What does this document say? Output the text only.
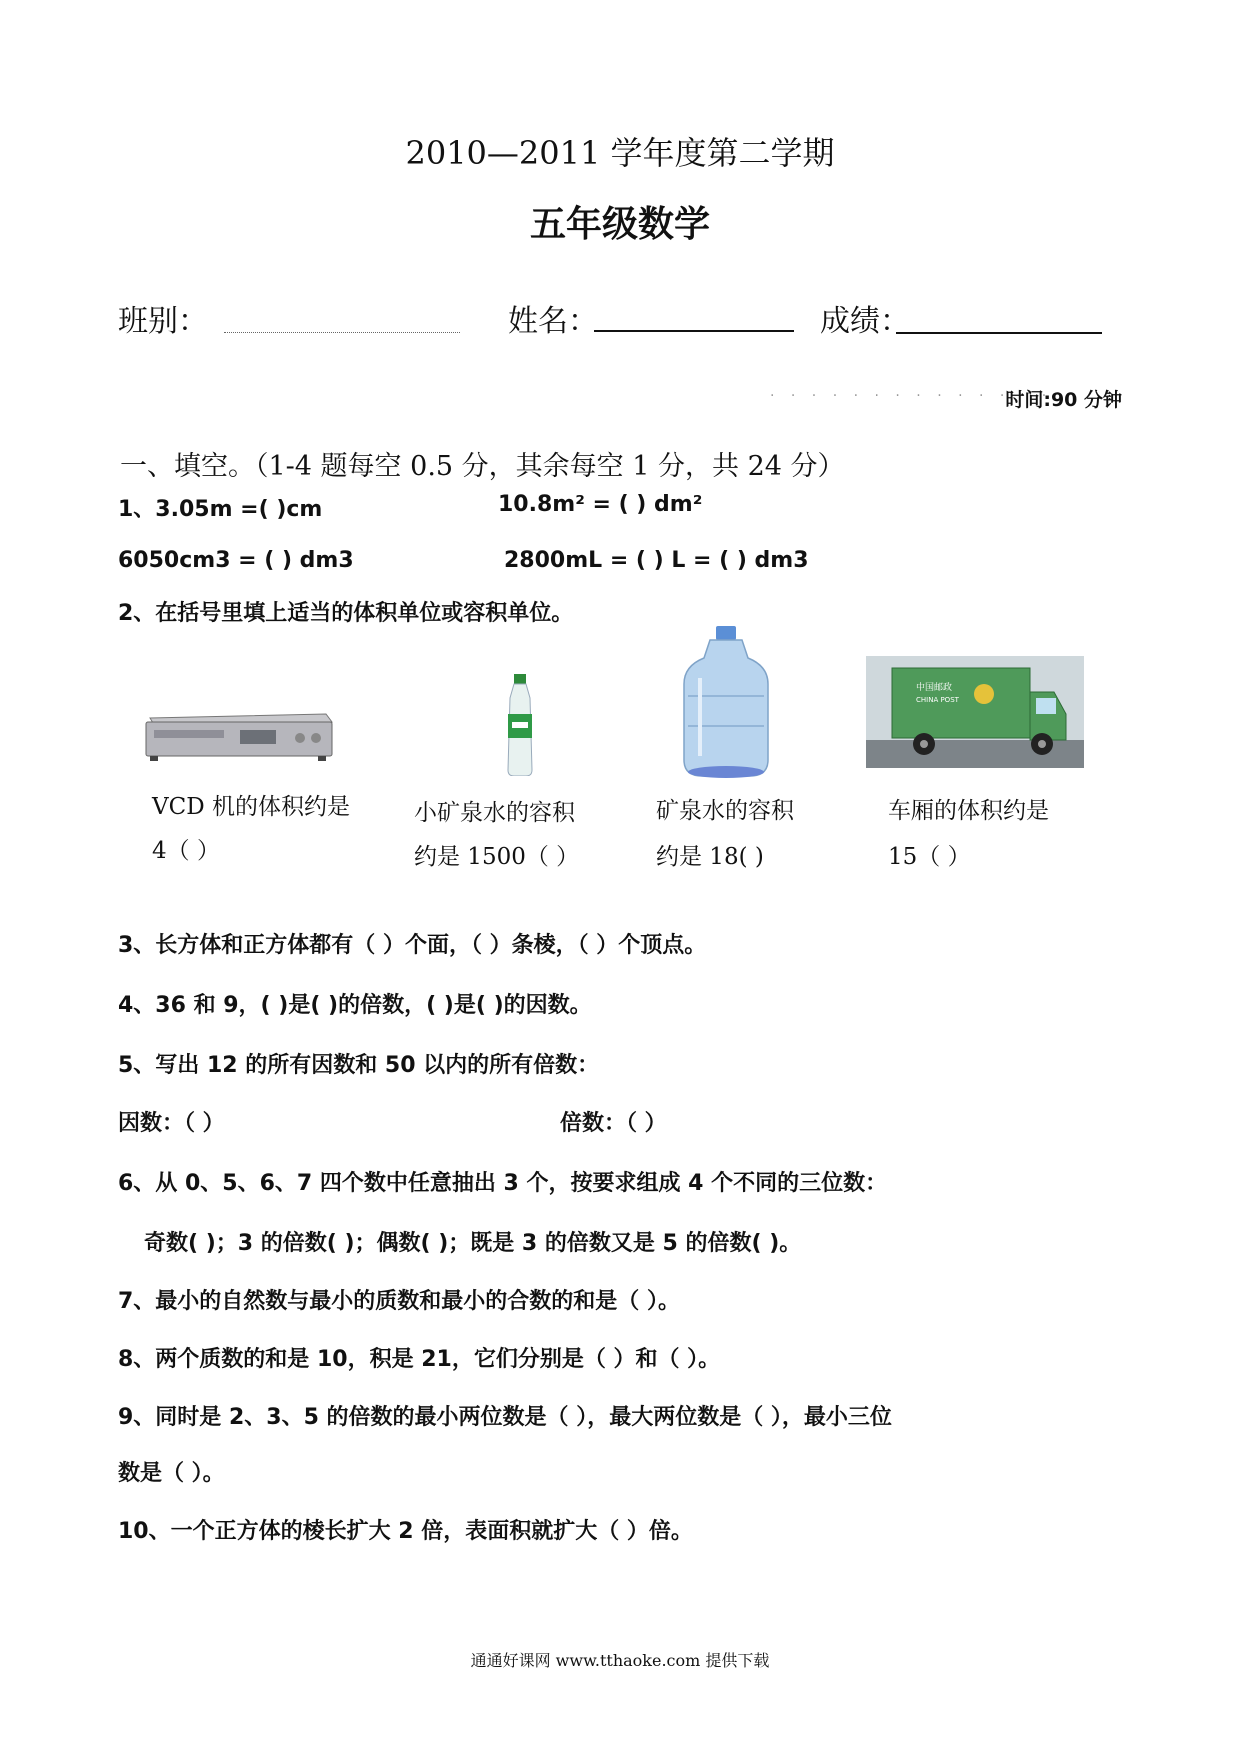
2010—2011 学年度第二学期
五年级数学
班别：	姓名：	成绩：
· · · · · · · · · · · · · ·
时间:90 分钟
一、填空。（1-4 题每空 0.5 分，其余每空 1 分，共 24 分）
1、3.05m =( )cm	10.8m² = ( ) dm²
6050cm3 = ( ) dm3	2800mL = ( ) L = ( ) dm3
2、在括号里填上适当的体积单位或容积单位。
中国邮政
CHINA POST
VCD 机的体积约是
4（ ）
小矿泉水的容积
约是 1500（ ）
矿泉水的容积
约是 18( )
车厢的体积约是
15（ ）
3、长方体和正方体都有（ ）个面，（ ）条棱，（ ）个顶点。
4、36 和 9，( )是( )的倍数，( )是( )的因数。
5、写出 12 的所有因数和 50 以内的所有倍数：
因数：（ ）	倍数：（ ）
6、从 0、5、6、7 四个数中任意抽出 3 个，按要求组成 4 个不同的三位数：
奇数( )；3 的倍数( )；偶数( )；既是 3 的倍数又是 5 的倍数( )。
7、最小的自然数与最小的质数和最小的合数的和是（ ）。
8、两个质数的和是 10，积是 21，它们分别是（ ）和（ ）。
9、同时是 2、3、5 的倍数的最小两位数是（ ），最大两位数是（ ），最小三位
数是（ ）。
10、一个正方体的棱长扩大 2 倍，表面积就扩大（ ）倍。
通通好课网 www.tthaoke.com 提供下载
